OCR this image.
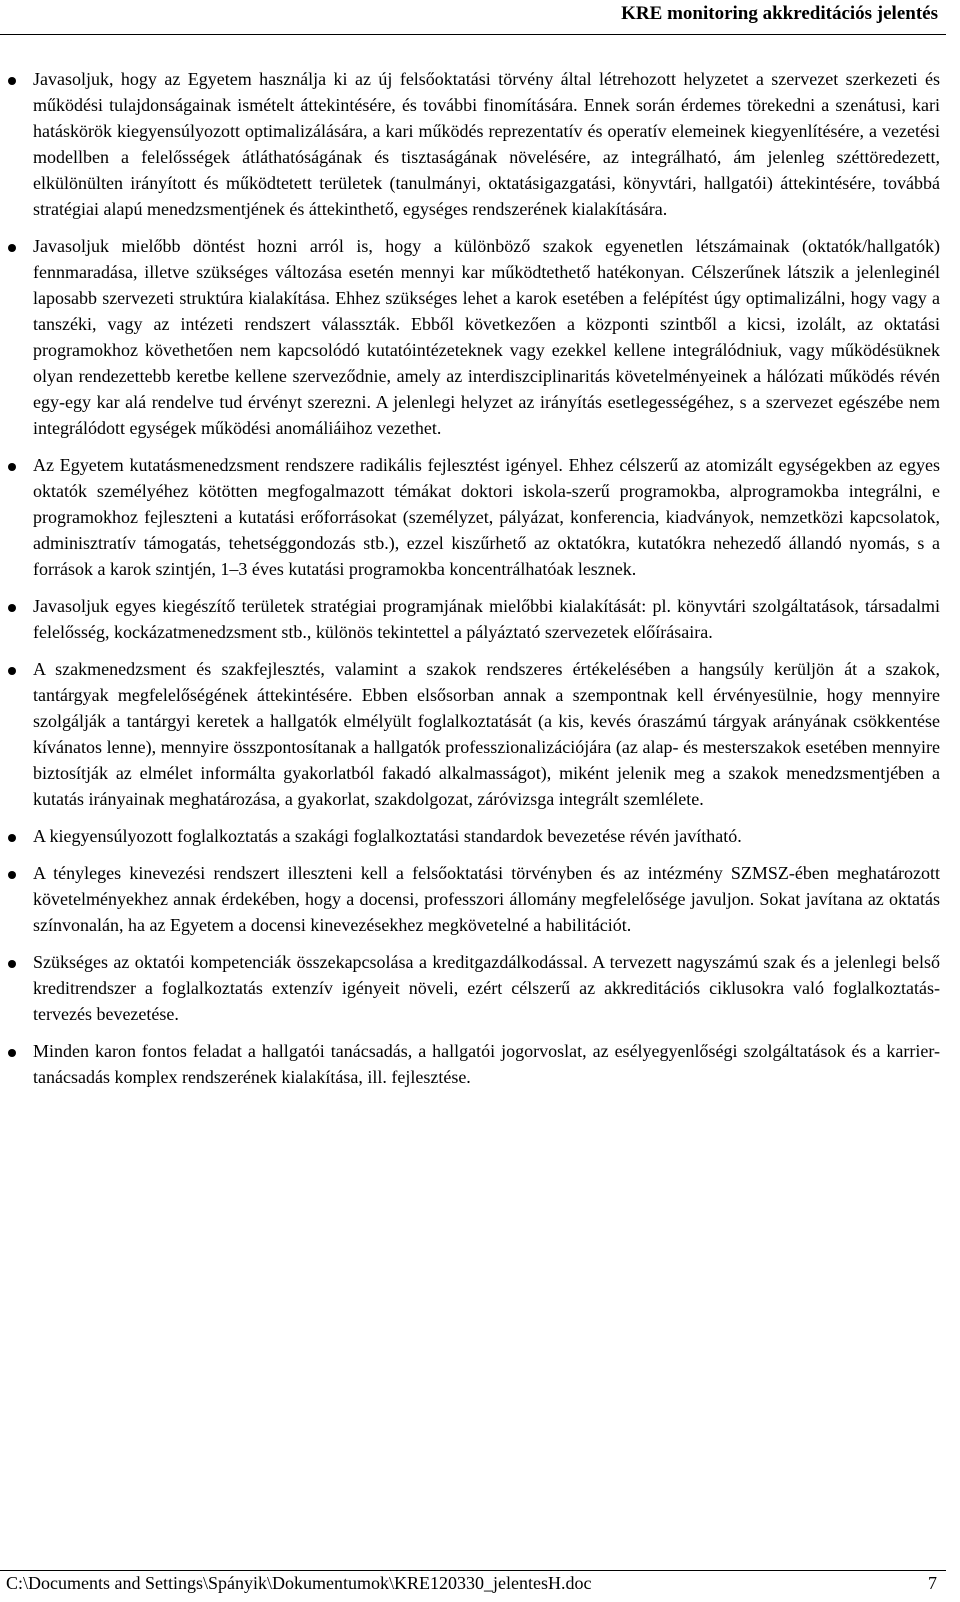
KRE monitoring akkreditációs jelentés
Javasoljuk, hogy az Egyetem használja ki az új felsőoktatási törvény által létrehozott helyzetet a szervezet szerkezeti és működési tulajdonságainak ismételt áttekintésére, és további finomítására. Ennek során érdemes törekedni a szenátusi, kari hatáskörök kiegyensúlyozott optimalizálására, a kari működés reprezentatív és operatív elemeinek kiegyenlítésére, a vezetési modellben a felelősségek átláthatóságának és tisztaságának növelésére, az integrálható, ám jelenleg széttöredezett, elkülönülten irányított és működtetett területek (tanulmányi, oktatásigazgatási, könyvtári, hallgatói) áttekintésére, továbbá stratégiai alapú menedzsmentjének és áttekinthető, egységes rendszerének kialakítására.
Javasoljuk mielőbb döntést hozni arról is, hogy a különböző szakok egyenetlen létszámainak (oktatók/hallgatók) fennmaradása, illetve szükséges változása esetén mennyi kar működtethető hatékonyan. Célszerűnek látszik a jelenleginél laposabb szervezeti struktúra kialakítása. Ehhez szükséges lehet a karok esetében a felépítést úgy optimalizálni, hogy vagy a tanszéki, vagy az intézeti rendszert válasszták. Ebből következően a központi szintből a kicsi, izolált, az oktatási programokhoz követhetően nem kapcsolódó kutatóintézeteknek vagy ezekkel kellene integrálódniuk, vagy működésüknek olyan rendezettebb keretbe kellene szerveződnie, amely az interdiszciplinaritás követelményeinek a hálózati működés révén egy-egy kar alá rendelve tud érvényt szerezni. A jelenlegi helyzet az irányítás esetlegességéhez, s a szervezet egészébe nem integrálódott egységek működési anomáliáihoz vezethet.
Az Egyetem kutatásmenedzsment rendszere radikális fejlesztést igényel. Ehhez célszerű az atomizált egységekben az egyes oktatók személyéhez kötötten megfogalmazott témákat doktori iskola-szerű programokba, alprogramokba integrálni, e programokhoz fejleszteni a kutatási erőforrásokat (személyzet, pályázat, konferencia, kiadványok, nemzetközi kapcsolatok, adminisztratív támogatás, tehetséggondozás stb.), ezzel kiszűrhető az oktatókra, kutatókra nehezedő állandó nyomás, s a források a karok szintjén, 1–3 éves kutatási programokba koncentrálhatóak lesznek.
Javasoljuk egyes kiegészítő területek stratégiai programjának mielőbbi kialakítását: pl. könyvtári szolgáltatások, társadalmi felelősség, kockázatmenedzsment stb., különös tekintettel a pályáztató szervezetek előírásaira.
A szakmenedzsment és szakfejlesztés, valamint a szakok rendszeres értékelésében a hangsúly kerüljön át a szakok, tantárgyak megfelelőségének áttekintésére. Ebben elsősorban annak a szempontnak kell érvényesülnie, hogy mennyire szolgálják a tantárgyi keretek a hallgatók elmélyült foglalkoztatását (a kis, kevés óraszámú tárgyak arányának csökkentése kívánatos lenne), mennyire összpontosítanak a hallgatók professzionalizációjára (az alap- és mesterszakok esetében mennyire biztosítják az elmélet informálta gyakorlatból fakadó alkalmasságot), miként jelenik meg a szakok menedzsmentjében a kutatás irányainak meghatározása, a gyakorlat, szakdolgozat, záróvizsga integrált szemlélete.
A kiegyensúlyozott foglalkoztatás a szakági foglalkoztatási standardok bevezetése révén javítható.
A tényleges kinevezési rendszert illeszteni kell a felsőoktatási törvényben és az intézmény SZMSZ-ében meghatározott követelményekhez annak érdekében, hogy a docensi, professzori állomány megfelelősége javuljon. Sokat javítana az oktatás színvonalán, ha az Egyetem a docensi kinevezésekhez megkövetelné a habilitációt.
Szükséges az oktatói kompetenciák összekapcsolása a kreditgazdálkodással. A tervezett nagyszámú szak és a jelenlegi belső kreditrendszer a foglalkoztatás extenzív igényeit növeli, ezért célszerű az akkreditációs ciklusokra való foglalkoztatás-tervezés bevezetése.
Minden karon fontos feladat a hallgatói tanácsadás, a hallgatói jogorvoslat, az esélyegyenlőségi szolgáltatások és a karrier-tanácsadás komplex rendszerének kialakítása, ill. fejlesztése.
C:\Documents and Settings\Spányik\Dokumentumok\KRE120330_jelentesH.doc	7
